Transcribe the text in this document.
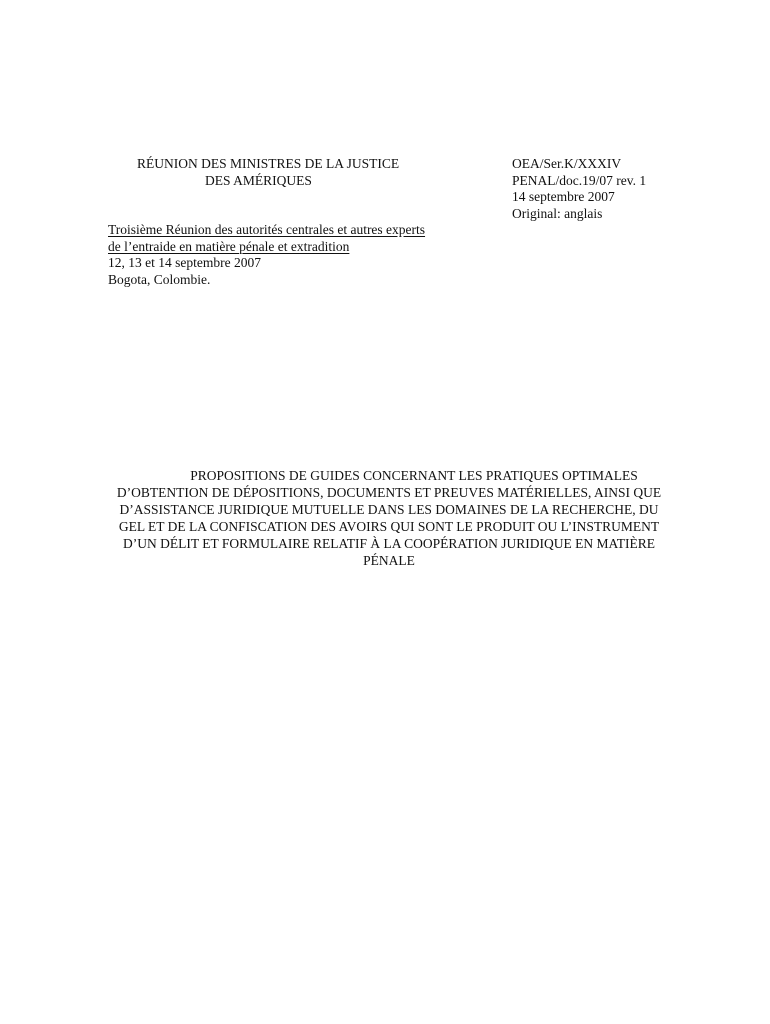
RÉUNION DES MINISTRES DE LA JUSTICE
DES AMÉRIQUES
OEA/Ser.K/XXXIV
PENAL/doc.19/07 rev. 1
14 septembre 2007
Original: anglais
Troisième Réunion des autorités centrales et autres experts
de l’entraide en matière pénale et extradition
12, 13 et 14 septembre 2007
Bogota, Colombie.
PROPOSITIONS DE GUIDES CONCERNANT LES PRATIQUES OPTIMALES
D’OBTENTION DE DÉPOSITIONS, DOCUMENTS ET PREUVES MATÉRIELLES, AINSI QUE
D’ASSISTANCE JURIDIQUE MUTUELLE DANS LES DOMAINES DE LA RECHERCHE, DU
GEL ET DE LA CONFISCATION DES AVOIRS QUI SONT LE PRODUIT OU L’INSTRUMENT
D’UN DÉLIT ET FORMULAIRE RELATIF À LA COOPÉRATION JURIDIQUE EN MATIÈRE
PÉNALE
